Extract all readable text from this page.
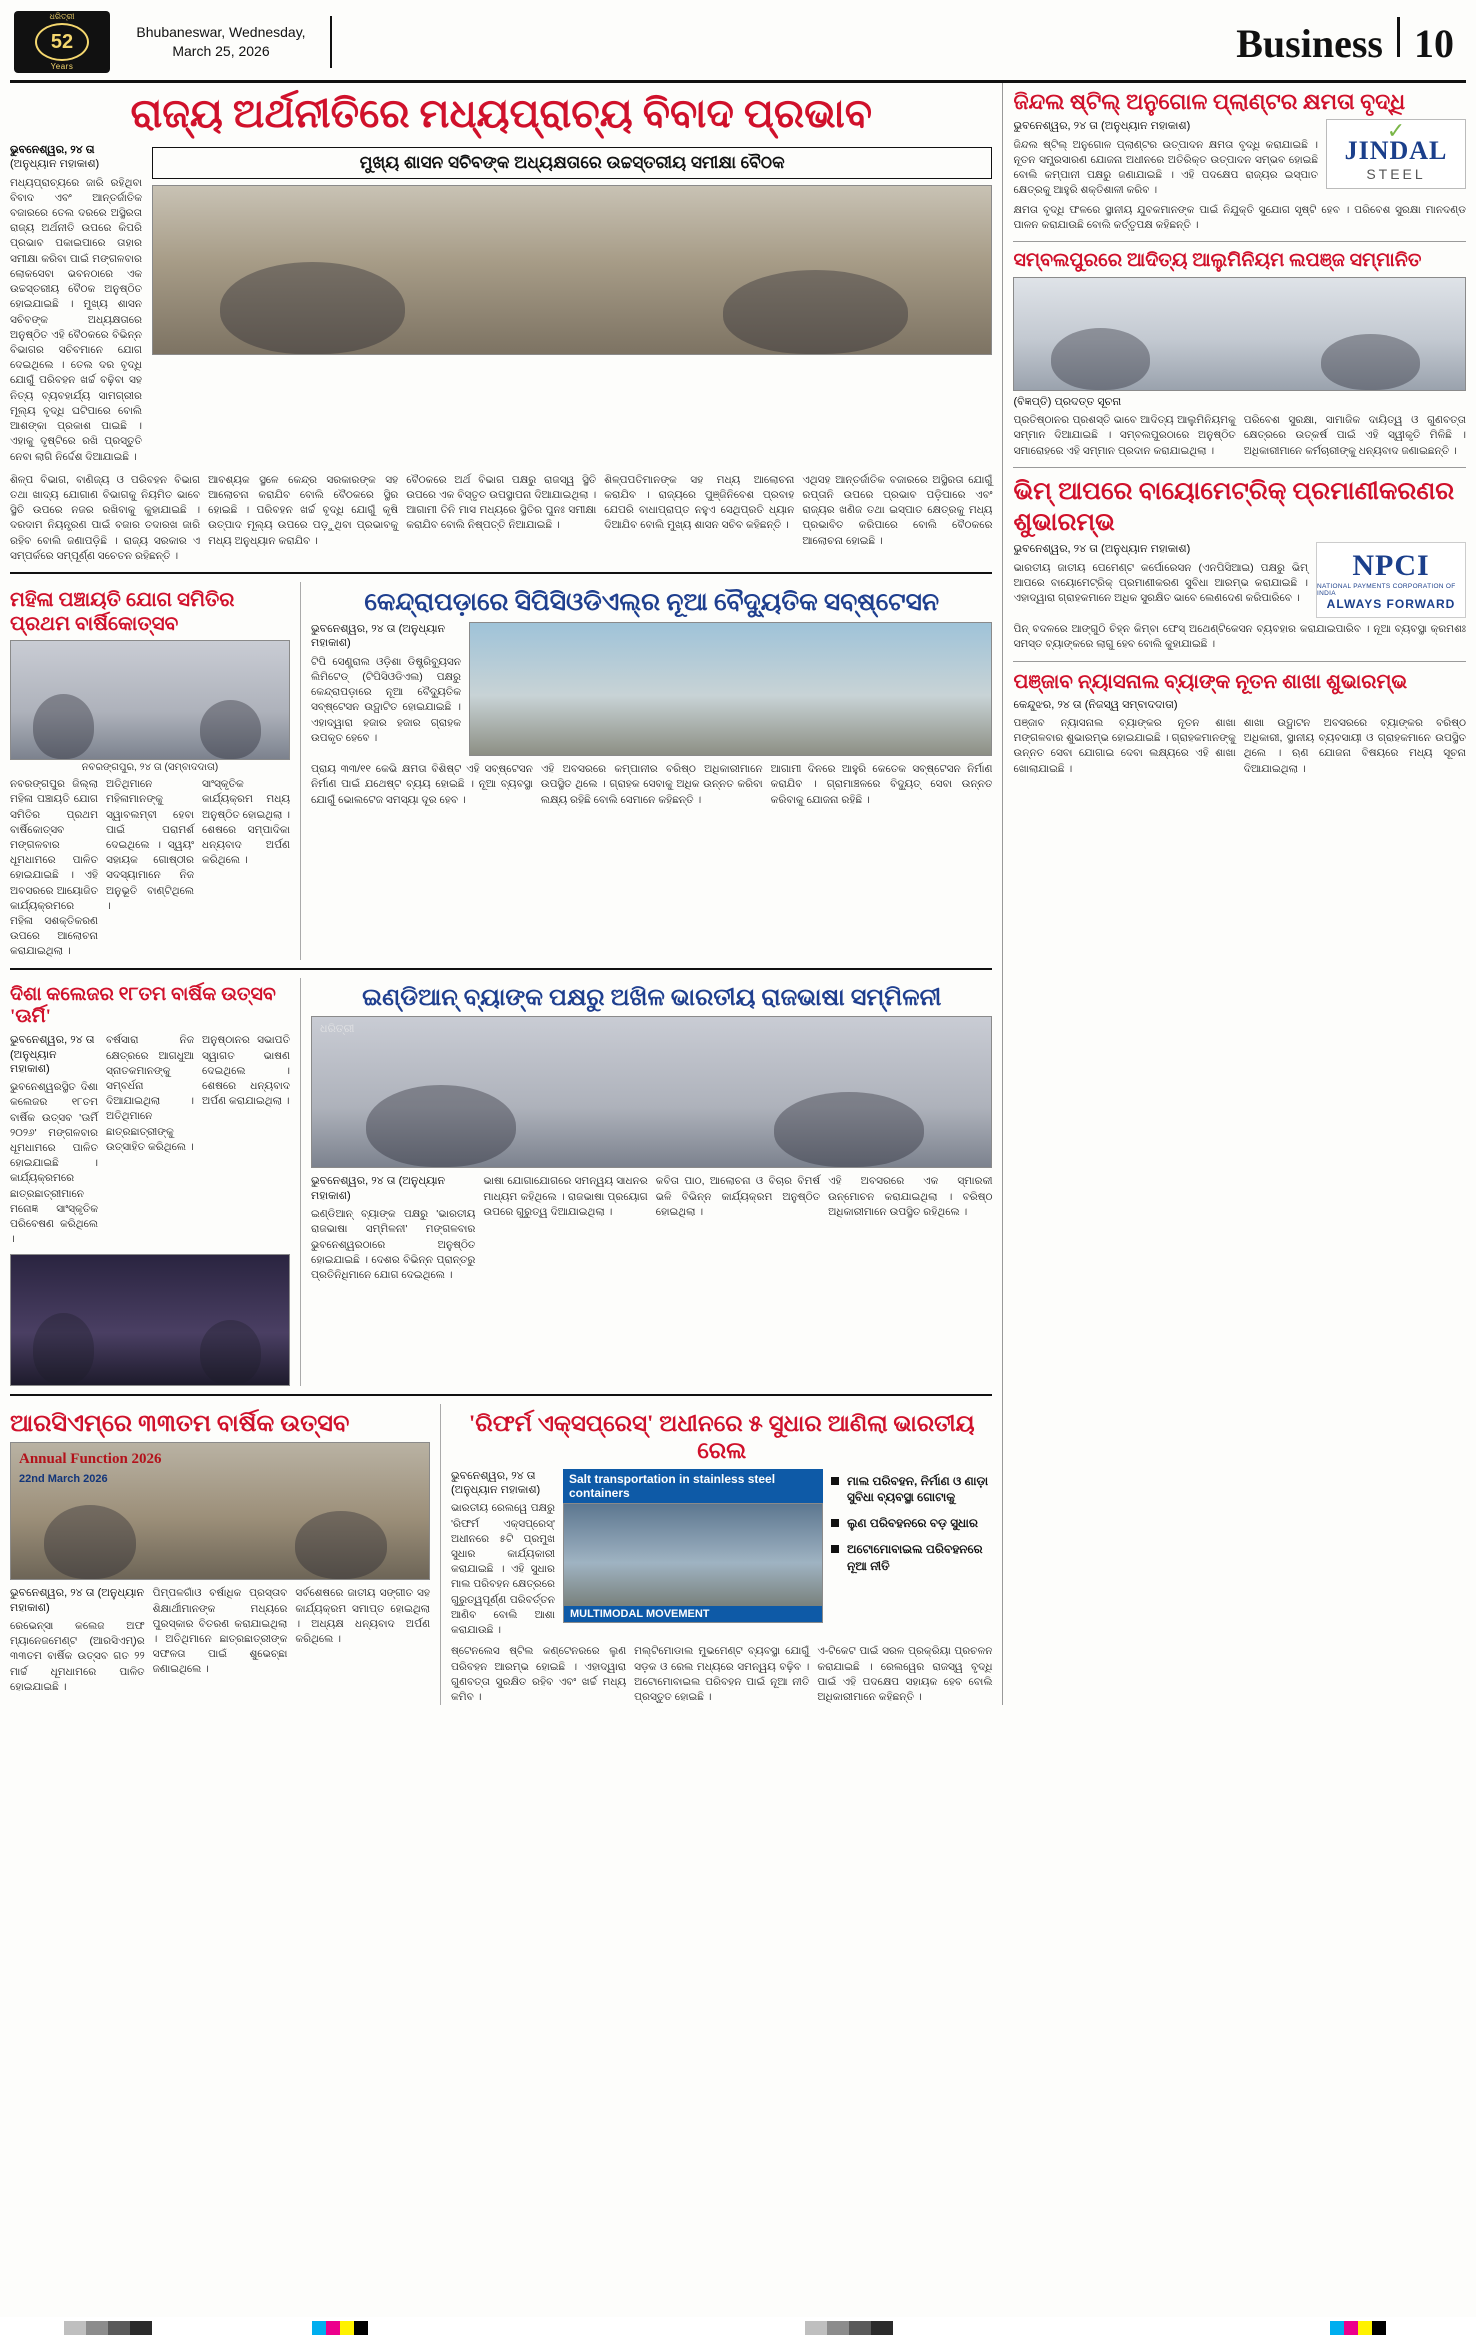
ଧରିତ୍ରୀ
52
Years
Bhubaneswar, Wednesday,
March 25, 2026	Business 10
ରାଜ୍ୟ ଅର୍ଥନୀତିରେ ମଧ୍ୟପ୍ରାଚ୍ୟ ବିବାଦ ପ୍ରଭାବ
ଭୁବନେଶ୍ୱର, ୨୪ ତା
(ଅନୁଧ୍ୟାନ ମହାକାଶ)
ମଧ୍ୟପ୍ରାଚ୍ୟରେ ଜାରି ରହିଥିବା ବିବାଦ ଏବଂ ଆନ୍ତର୍ଜାତିକ ବଜାରରେ ତେଲ ଦରରେ ଅସ୍ଥିରତା ରାଜ୍ୟ ଅର୍ଥନୀତି ଉପରେ କିପରି ପ୍ରଭାବ ପକାଇପାରେ ତାହାର ସମୀକ୍ଷା କରିବା ପାଇଁ ମଙ୍ଗଳବାର ଲୋକସେବା ଭବନଠାରେ ଏକ ଉଚ୍ଚସ୍ତରୀୟ ବୈଠକ ଅନୁଷ୍ଠିତ ହୋଇଯାଇଛି । ମୁଖ୍ୟ ଶାସନ ସଚିବଙ୍କ ଅଧ୍ୟକ୍ଷତାରେ ଅନୁଷ୍ଠିତ ଏହି ବୈଠକରେ ବିଭିନ୍ନ ବିଭାଗର ସଚିବମାନେ ଯୋଗ ଦେଇଥିଲେ । ତେଲ ଦର ବୃଦ୍ଧି ଯୋଗୁଁ ପରିବହନ ଖର୍ଚ୍ଚ ବଢ଼ିବା ସହ ନିତ୍ୟ ବ୍ୟବହାର୍ଯ୍ୟ ସାମଗ୍ରୀର ମୂଲ୍ୟ ବୃଦ୍ଧି ଘଟିପାରେ ବୋଲି ଆଶଙ୍କା ପ୍ରକାଶ ପାଇଛି । ଏହାକୁ ଦୃଷ୍ଟିରେ ରଖି ପ୍ରସ୍ତୁତି ନେବା ଲାଗି ନିର୍ଦ୍ଦେଶ ଦିଆଯାଇଛି ।
ମୁଖ୍ୟ ଶାସନ ସଚିବଙ୍କ ଅଧ୍ୟକ୍ଷତାରେ ଉଚ୍ଚସ୍ତରୀୟ ସମୀକ୍ଷା ବୈଠକ
ଶିଳ୍ପ ବିଭାଗ, ବାଣିଜ୍ୟ ଓ ପରିବହନ ବିଭାଗ ତଥା ଖାଦ୍ୟ ଯୋଗାଣ ବିଭାଗକୁ ନିୟମିତ ଭାବେ ସ୍ଥିତି ଉପରେ ନଜର ରଖିବାକୁ କୁହାଯାଇଛି । ଦରଦାମ ନିୟନ୍ତ୍ରଣ ପାଇଁ ବଜାର ତଦାରଖ ଜାରି ରହିବ ବୋଲି ଜଣାପଡ଼ିଛି । ରାଜ୍ୟ ସରକାର ଏ ସମ୍ପର୍କରେ ସମ୍ପୂର୍ଣ୍ଣ ସଚେତନ ରହିଛନ୍ତି ।
ଆବଶ୍ୟକ ସ୍ଥଳେ କେନ୍ଦ୍ର ସରକାରଙ୍କ ସହ ଆଲୋଚନା କରାଯିବ ବୋଲି ବୈଠକରେ ସ୍ଥିର ହୋଇଛି । ପରିବହନ ଖର୍ଚ୍ଚ ବୃଦ୍ଧି ଯୋଗୁଁ କୃଷି ଉତ୍ପାଦ ମୂଲ୍ୟ ଉପରେ ପଡ଼ୁଥିବା ପ୍ରଭାବକୁ ମଧ୍ୟ ଅନୁଧ୍ୟାନ କରାଯିବ ।
ବୈଠକରେ ଅର୍ଥ ବିଭାଗ ପକ୍ଷରୁ ରାଜସ୍ୱ ସ୍ଥିତି ଉପରେ ଏକ ବିସ୍ତୃତ ଉପସ୍ଥାପନା ଦିଆଯାଇଥିଲା । ଆଗାମୀ ତିନି ମାସ ମଧ୍ୟରେ ସ୍ଥିତିର ପୁନଃ ସମୀକ୍ଷା କରାଯିବ ବୋଲି ନିଷ୍ପତ୍ତି ନିଆଯାଇଛି ।
ଶିଳ୍ପପତିମାନଙ୍କ ସହ ମଧ୍ୟ ଆଲୋଚନା କରାଯିବ । ରାଜ୍ୟରେ ପୁଞ୍ଜିନିବେଶ ପ୍ରବାହ ଯେପରି ବାଧାପ୍ରାପ୍ତ ନହୁଏ ସେଥିପ୍ରତି ଧ୍ୟାନ ଦିଆଯିବ ବୋଲି ମୁଖ୍ୟ ଶାସନ ସଚିବ କହିଛନ୍ତି ।
ଏଥିସହ ଆନ୍ତର୍ଜାତିକ ବଜାରରେ ଅସ୍ଥିରତା ଯୋଗୁଁ ରପ୍ତାନି ଉପରେ ପ୍ରଭାବ ପଡ଼ିପାରେ ଏବଂ ରାଜ୍ୟର ଖଣିଜ ତଥା ଇସ୍ପାତ କ୍ଷେତ୍ରକୁ ମଧ୍ୟ ପ୍ରଭାବିତ କରିପାରେ ବୋଲି ବୈଠକରେ ଆଲୋଚନା ହୋଇଛି ।
ମହିଳା ପଞ୍ଚାୟତି ଯୋଗ ସମିତିର ପ୍ରଥମ ବାର୍ଷିକୋତ୍ସବ
ନବରଙ୍ଗପୁର, ୨୪ ତା (ସମ୍ବାଦଦାତା)
ନବରଙ୍ଗପୁର ଜିଲ୍ଲା ମହିଳା ପଞ୍ଚାୟତି ଯୋଗ ସମିତିର ପ୍ରଥମ ବାର୍ଷିକୋତ୍ସବ ମଙ୍ଗଳବାର ଧୂମଧାମରେ ପାଳିତ ହୋଇଯାଇଛି । ଏହି ଅବସରରେ ଆୟୋଜିତ କାର୍ଯ୍ୟକ୍ରମରେ ମହିଳା ସଶକ୍ତିକରଣ ଉପରେ ଆଲୋଚନା କରାଯାଇଥିଲା ।
ଅତିଥିମାନେ ମହିଳାମାନଙ୍କୁ ସ୍ୱାବଲମ୍ବୀ ହେବା ପାଇଁ ପରାମର୍ଶ ଦେଇଥିଲେ । ସ୍ୱୟଂ ସହାୟକ ଗୋଷ୍ଠୀର ସଦସ୍ୟାମାନେ ନିଜ ଅନୁଭୂତି ବାଣ୍ଟିଥିଲେ ।
ସାଂସ୍କୃତିକ କାର୍ଯ୍ୟକ୍ରମ ମଧ୍ୟ ଅନୁଷ୍ଠିତ ହୋଇଥିଲା । ଶେଷରେ ସମ୍ପାଦିକା ଧନ୍ୟବାଦ ଅର୍ପଣ କରିଥିଲେ ।
କେନ୍ଦ୍ରାପଡ଼ାରେ ସିପିସିଓଡିଏଲ୍‌ର ନୂଆ ବୈଦ୍ୟୁତିକ ସବ୍‌ଷ୍ଟେସନ
ଭୁବନେଶ୍ୱର, ୨୪ ତା (ଅନୁଧ୍ୟାନ ମହାକାଶ)
ଟିପି ସେଣ୍ଟ୍ରାଲ ଓଡ଼ିଶା ଡିଷ୍ଟ୍ରିବ୍ୟୁସନ ଲିମିଟେଡ୍ (ଟିପିସିଓଡିଏଲ) ପକ୍ଷରୁ କେନ୍ଦ୍ରାପଡ଼ାରେ ନୂଆ ବୈଦ୍ୟୁତିକ ସବ୍‌ଷ୍ଟେସନ ଉଦ୍ଘାଟିତ ହୋଇଯାଇଛି । ଏହାଦ୍ୱାରା ହଜାର ହଜାର ଗ୍ରାହକ ଉପକୃତ ହେବେ ।
ପ୍ରାୟ ୩୩/୧୧ କେଭି କ୍ଷମତା ବିଶିଷ୍ଟ ଏହି ସବ୍‌ଷ୍ଟେସନ ନିର୍ମାଣ ପାଇଁ ଯଥେଷ୍ଟ ବ୍ୟୟ ହୋଇଛି । ନୂଆ ବ୍ୟବସ୍ଥା ଯୋଗୁଁ ଭୋଲଟେଜ ସମସ୍ୟା ଦୂର ହେବ ।
ଏହି ଅବସରରେ କମ୍ପାନୀର ବରିଷ୍ଠ ଅଧିକାରୀମାନେ ଉପସ୍ଥିତ ଥିଲେ । ଗ୍ରାହକ ସେବାକୁ ଅଧିକ ଉନ୍ନତ କରିବା ଲକ୍ଷ୍ୟ ରହିଛି ବୋଲି ସେମାନେ କହିଛନ୍ତି ।
ଆଗାମୀ ଦିନରେ ଆହୁରି କେତେକ ସବ୍‌ଷ୍ଟେସନ ନିର୍ମାଣ କରାଯିବ । ଗ୍ରାମାଞ୍ଚଳରେ ବିଦ୍ୟୁତ୍ ସେବା ଉନ୍ନତ କରିବାକୁ ଯୋଜନା ରହିଛି ।
ଦିଶା କଲେଜର ୧୮ତମ ବାର୍ଷିକ ଉତ୍ସବ 'ଊର୍ମି'
ଭୁବନେଶ୍ୱର, ୨୪ ତା (ଅନୁଧ୍ୟାନ ମହାକାଶ)
ଭୁବନେଶ୍ୱରସ୍ଥିତ ଦିଶା କଲେଜର ୧୮ତମ ବାର୍ଷିକ ଉତ୍ସବ 'ଊର୍ମି ୨୦୨୬' ମଙ୍ଗଳବାର ଧୂମଧାମରେ ପାଳିତ ହୋଇଯାଇଛି । କାର୍ଯ୍ୟକ୍ରମରେ ଛାତ୍ରଛାତ୍ରୀମାନେ ମନୋଜ୍ଞ ସାଂସ୍କୃତିକ ପରିବେଷଣ କରିଥିଲେ ।
ବର୍ଷସାରା ନିଜ କ୍ଷେତ୍ରରେ ଆଗଧୁଆ ସ୍ନାତକମାନଙ୍କୁ ସମ୍ବର୍ଧନା ଦିଆଯାଇଥିଲା । ଅତିଥିମାନେ ଛାତ୍ରଛାତ୍ରୀଙ୍କୁ ଉତ୍ସାହିତ କରିଥିଲେ ।
ଅନୁଷ୍ଠାନର ସଭାପତି ସ୍ୱାଗତ ଭାଷଣ ଦେଇଥିଲେ । ଶେଷରେ ଧନ୍ୟବାଦ ଅର୍ପଣ କରାଯାଇଥିଲା ।
ଇଣ୍ଡିଆନ୍ ବ୍ୟାଙ୍କ ପକ୍ଷରୁ ଅଖିଳ ଭାରତୀୟ ରାଜଭାଷା ସମ୍ମିଳନୀ
ଧରିତ୍ରୀ
ଭୁବନେଶ୍ୱର, ୨୪ ତା (ଅନୁଧ୍ୟାନ ମହାକାଶ)
ଇଣ୍ଡିଆନ୍ ବ୍ୟାଙ୍କ ପକ୍ଷରୁ 'ଭାରତୀୟ ରାଜଭାଷା ସମ୍ମିଳନୀ' ମଙ୍ଗଳବାର ଭୁବନେଶ୍ୱରଠାରେ ଅନୁଷ୍ଠିତ ହୋଇଯାଇଛି । ଦେଶର ବିଭିନ୍ନ ପ୍ରାନ୍ତରୁ ପ୍ରତିନିଧିମାନେ ଯୋଗ ଦେଇଥିଲେ ।
ଭାଷା ଯୋଗାଯୋଗରେ ସମନ୍ୱୟ ସାଧନର ମାଧ୍ୟମ କହିଥିଲେ । ରାଜଭାଷା ପ୍ରୟୋଗ ଉପରେ ଗୁରୁତ୍ୱ ଦିଆଯାଇଥିଲା ।
କବିତା ପାଠ, ଆଲୋଚନା ଓ ବିଚାର ବିମର୍ଷ ଭଳି ବିଭିନ୍ନ କାର୍ଯ୍ୟକ୍ରମ ଅନୁଷ୍ଠିତ ହୋଇଥିଲା ।
ଏହି ଅବସରରେ ଏକ ସ୍ମାରକୀ ଉନ୍ମୋଚନ କରାଯାଇଥିଲା । ବରିଷ୍ଠ ଅଧିକାରୀମାନେ ଉପସ୍ଥିତ ରହିଥିଲେ ।
ଆରସିଏମ୍‌ରେ ୩୩ତମ ବାର୍ଷିକ ଉତ୍ସବ
Annual Function 2026
22nd March 2026
ଭୁବନେଶ୍ୱର, ୨୪ ତା (ଅନୁଧ୍ୟାନ ମହାକାଶ)
ରେଭେନ୍‌ସା କଲେଜ ଅଫ ମ୍ୟାନେଜମେଣ୍ଟ (ଆରସିଏମ୍)ର ୩୩ତମ ବାର୍ଷିକ ଉତ୍ସବ ଗତ ୨୨ ମାର୍ଚ୍ଚ ଧୂମଧାମରେ ପାଳିତ ହୋଇଯାଇଛି ।
ପିମ୍ପଳଗାଁଓ ବର୍ଷାଧିକ ପ୍ରସ୍ତାବ ଶିକ୍ଷାର୍ଥୀମାନଙ୍କ ମଧ୍ୟରେ ପୁରସ୍କାର ବିତରଣ କରାଯାଇଥିଲା । ଅତିଥିମାନେ ଛାତ୍ରଛାତ୍ରୀଙ୍କ ସଫଳତା ପାଇଁ ଶୁଭେଚ୍ଛା ଜଣାଇଥିଲେ ।
ସର୍ବଶେଷରେ ଜାତୀୟ ସଙ୍ଗୀତ ସହ କାର୍ଯ୍ୟକ୍ରମ ସମାପ୍ତ ହୋଇଥିଲା । ଅଧ୍ୟକ୍ଷ ଧନ୍ୟବାଦ ଅର୍ପଣ କରିଥିଲେ ।
'ରିଫର୍ମ ଏକ୍ସପ୍ରେସ୍' ଅଧୀନରେ ୫ ସୁଧାର ଆଣିଲା ଭାରତୀୟ ରେଲ
ଭୁବନେଶ୍ୱର, ୨୪ ତା (ଅନୁଧ୍ୟାନ ମହାକାଶ)
ଭାରତୀୟ ରେଲୱେ ପକ୍ଷରୁ 'ରିଫର୍ମ ଏକ୍ସପ୍ରେସ୍' ଅଧୀନରେ ୫ଟି ପ୍ରମୁଖ ସୁଧାର କାର୍ଯ୍ୟକାରୀ କରାଯାଇଛି । ଏହି ସୁଧାର ମାଲ ପରିବହନ କ୍ଷେତ୍ରରେ ଗୁରୁତ୍ୱପୂର୍ଣ୍ଣ ପରିବର୍ତ୍ତନ ଆଣିବ ବୋଲି ଆଶା କରାଯାଉଛି ।
Salt transportation in stainless steel containers
MULTIMODAL MOVEMENT
ମାଲ ପରିବହନ, ନିର୍ମାଣ ଓ ଣାଡ଼ା ସୁବିଧା ବ୍ୟବସ୍ଥା ଗୋଟାକୁ
ଲୁଣ ପରିବହନରେ ବଡ଼ ସୁଧାର
ଅଟୋମୋବାଇଲ ପରିବହନରେ ନୂଆ ନୀତି
ଷ୍ଟେନଲେସ ଷ୍ଟିଲ କଣ୍ଟେନରରେ ଲୁଣ ପରିବହନ ଆରମ୍ଭ ହୋଇଛି । ଏହାଦ୍ୱାରା ଗୁଣବତ୍ତା ସୁରକ୍ଷିତ ରହିବ ଏବଂ ଖର୍ଚ୍ଚ ମଧ୍ୟ କମିବ ।
ମଲ୍ଟିମୋଡାଲ ମୁଭମେଣ୍ଟ ବ୍ୟବସ୍ଥା ଯୋଗୁଁ ସଡ଼କ ଓ ରେଲ ମଧ୍ୟରେ ସମନ୍ୱୟ ବଢ଼ିବ । ଅଟୋମୋବାଇଲ ପରିବହନ ପାଇଁ ନୂଆ ନୀତି ପ୍ରସ୍ତୁତ ହୋଇଛି ।
ଏ-ଟିକେଟ ପାଇଁ ସରଳ ପ୍ରକ୍ରିୟା ପ୍ରଚଳନ କରାଯାଇଛି । ରେଲୱେର ରାଜସ୍ୱ ବୃଦ୍ଧି ପାଇଁ ଏହି ପଦକ୍ଷେପ ସହାୟକ ହେବ ବୋଲି ଅଧିକାରୀମାନେ କହିଛନ୍ତି ।
ଜିନ୍ଦଲ ଷ୍ଟିଲ୍ ଅନୁଗୋଳ ପ୍ଲାଣ୍ଟର କ୍ଷମତା ବୃଦ୍ଧି
ଭୁବନେଶ୍ୱର, ୨୪ ତା (ଅନୁଧ୍ୟାନ ମହାକାଶ)
ଜିନ୍ଦଲ ଷ୍ଟିଲ୍ ଅନୁଗୋଳ ପ୍ଲାଣ୍ଟର ଉତ୍ପାଦନ କ୍ଷମତା ବୃଦ୍ଧି କରାଯାଇଛି । ନୂତନ ସମ୍ପ୍ରସାରଣ ଯୋଜନା ଅଧୀନରେ ଅତିରିକ୍ତ ଉତ୍ପାଦନ ସମ୍ଭବ ହୋଇଛି ବୋଲି କମ୍ପାନୀ ପକ୍ଷରୁ ଜଣାଯାଇଛି । ଏହି ପଦକ୍ଷେପ ରାଜ୍ୟର ଇସ୍ପାତ କ୍ଷେତ୍ରକୁ ଆହୁରି ଶକ୍ତିଶାଳୀ କରିବ ।
✓
JINDAL
STEEL
କ୍ଷମତା ବୃଦ୍ଧି ଫଳରେ ସ୍ଥାନୀୟ ଯୁବକମାନଙ୍କ ପାଇଁ ନିଯୁକ୍ତି ସୁଯୋଗ ସୃଷ୍ଟି ହେବ । ପରିବେଶ ସୁରକ୍ଷା ମାନଦଣ୍ଡ ପାଳନ କରାଯାଉଛି ବୋଲି କର୍ତ୍ତୃପକ୍ଷ କହିଛନ୍ତି ।
ସମ୍ବଲପୁରରେ ଆଦିତ୍ୟ ଆଲୁମିନିୟମ ଲପଞ୍ଜ ସମ୍ମାନିତ
(ବିଜ୍ଞପ୍ତି) ପ୍ରଦତ୍ତ ସୂଚନା
ପ୍ରତିଷ୍ଠାନର ପ୍ରଶସ୍ତି ଭାବେ ଆଦିତ୍ୟ ଆଲୁମିନିୟମକୁ ସମ୍ମାନ ଦିଆଯାଇଛି । ସମ୍ବଲପୁରଠାରେ ଅନୁଷ୍ଠିତ ସମାରୋହରେ ଏହି ସମ୍ମାନ ପ୍ରଦାନ କରାଯାଇଥିଲା ।
ପରିବେଶ ସୁରକ୍ଷା, ସାମାଜିକ ଦାୟିତ୍ୱ ଓ ଗୁଣବତ୍ତା କ୍ଷେତ୍ରରେ ଉତ୍କର୍ଷ ପାଇଁ ଏହି ସ୍ୱୀକୃତି ମିଳିଛି । ଅଧିକାରୀମାନେ କର୍ମଚାରୀଙ୍କୁ ଧନ୍ୟବାଦ ଜଣାଇଛନ୍ତି ।
ଭିମ୍ ଆପରେ ବାୟୋମେଟ୍ରିକ୍ ପ୍ରମାଣୀକରଣର ଶୁଭାରମ୍ଭ
ଭୁବନେଶ୍ୱର, ୨୪ ତା (ଅନୁଧ୍ୟାନ ମହାକାଶ)
ଭାରତୀୟ ଜାତୀୟ ପେମେଣ୍ଟ କର୍ପୋରେସନ (ଏନପିସିଆଇ) ପକ୍ଷରୁ ଭିମ୍ ଆପରେ ବାୟୋମେଟ୍ରିକ୍ ପ୍ରମାଣୀକରଣ ସୁବିଧା ଆରମ୍ଭ କରାଯାଇଛି । ଏହାଦ୍ୱାରା ଗ୍ରାହକମାନେ ଅଧିକ ସୁରକ୍ଷିତ ଭାବେ ଲେଣଦେଣ କରିପାରିବେ ।
NPCI
NATIONAL PAYMENTS CORPORATION OF INDIA
ALWAYS FORWARD
ପିନ୍ ବଦଳରେ ଆଙ୍ଗୁଠି ଚିହ୍ନ କିମ୍ବା ଫେସ୍ ଅଥେଣ୍ଟିକେସନ ବ୍ୟବହାର କରାଯାଇପାରିବ । ନୂଆ ବ୍ୟବସ୍ଥା କ୍ରମଶଃ ସମସ୍ତ ବ୍ୟାଙ୍କରେ ଲାଗୁ ହେବ ବୋଲି କୁହାଯାଇଛି ।
ପଞ୍ଜାବ ନ୍ୟାସନାଲ ବ୍ୟାଙ୍କ ନୂତନ ଶାଖା ଶୁଭାରମ୍ଭ
କେନ୍ଦୁଝର, ୨୪ ତା (ନିଜସ୍ୱ ସମ୍ବାଦଦାତା)
ପଞ୍ଜାବ ନ୍ୟାସନାଲ ବ୍ୟାଙ୍କର ନୂତନ ଶାଖା ମଙ୍ଗଳବାର ଶୁଭାରମ୍ଭ ହୋଇଯାଇଛି । ଗ୍ରାହକମାନଙ୍କୁ ଉନ୍ନତ ସେବା ଯୋଗାଇ ଦେବା ଲକ୍ଷ୍ୟରେ ଏହି ଶାଖା ଖୋଲାଯାଇଛି ।
ଶାଖା ଉଦ୍ଘାଟନ ଅବସରରେ ବ୍ୟାଙ୍କର ବରିଷ୍ଠ ଅଧିକାରୀ, ସ୍ଥାନୀୟ ବ୍ୟବସାୟୀ ଓ ଗ୍ରାହକମାନେ ଉପସ୍ଥିତ ଥିଲେ । ଋଣ ଯୋଜନା ବିଷୟରେ ମଧ୍ୟ ସୂଚନା ଦିଆଯାଇଥିଲା ।
